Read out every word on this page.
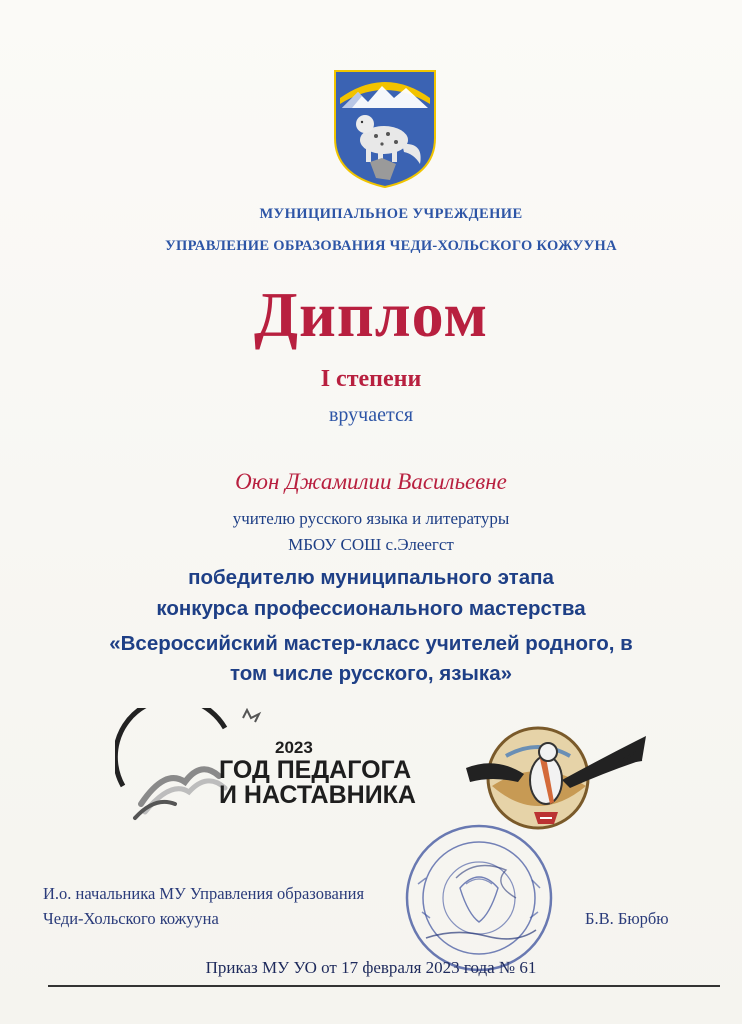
МУНИЦИПАЛЬНОЕ УЧРЕЖДЕНИЕ
УПРАВЛЕНИЕ ОБРАЗОВАНИЯ ЧЕДИ-ХОЛЬСКОГО КОЖУУНА
Диплом
I степени
вручается
Оюн Джамилии Васильевне
учителю русского языка и литературы
МБОУ СОШ с.Элеегст
победителю муниципального этапа
конкурса профессионального мастерства
«Всероссийский мастер-класс учителей родного, в
том числе русского, языка»
2023
ГОД ПЕДАГОГА
И НАСТАВНИКА
И.о. начальника МУ Управления образования
Чеди-Хольского кожууна	Б.В. Бюрбю
Приказ МУ УО от 17 февраля 2023 года № 61
